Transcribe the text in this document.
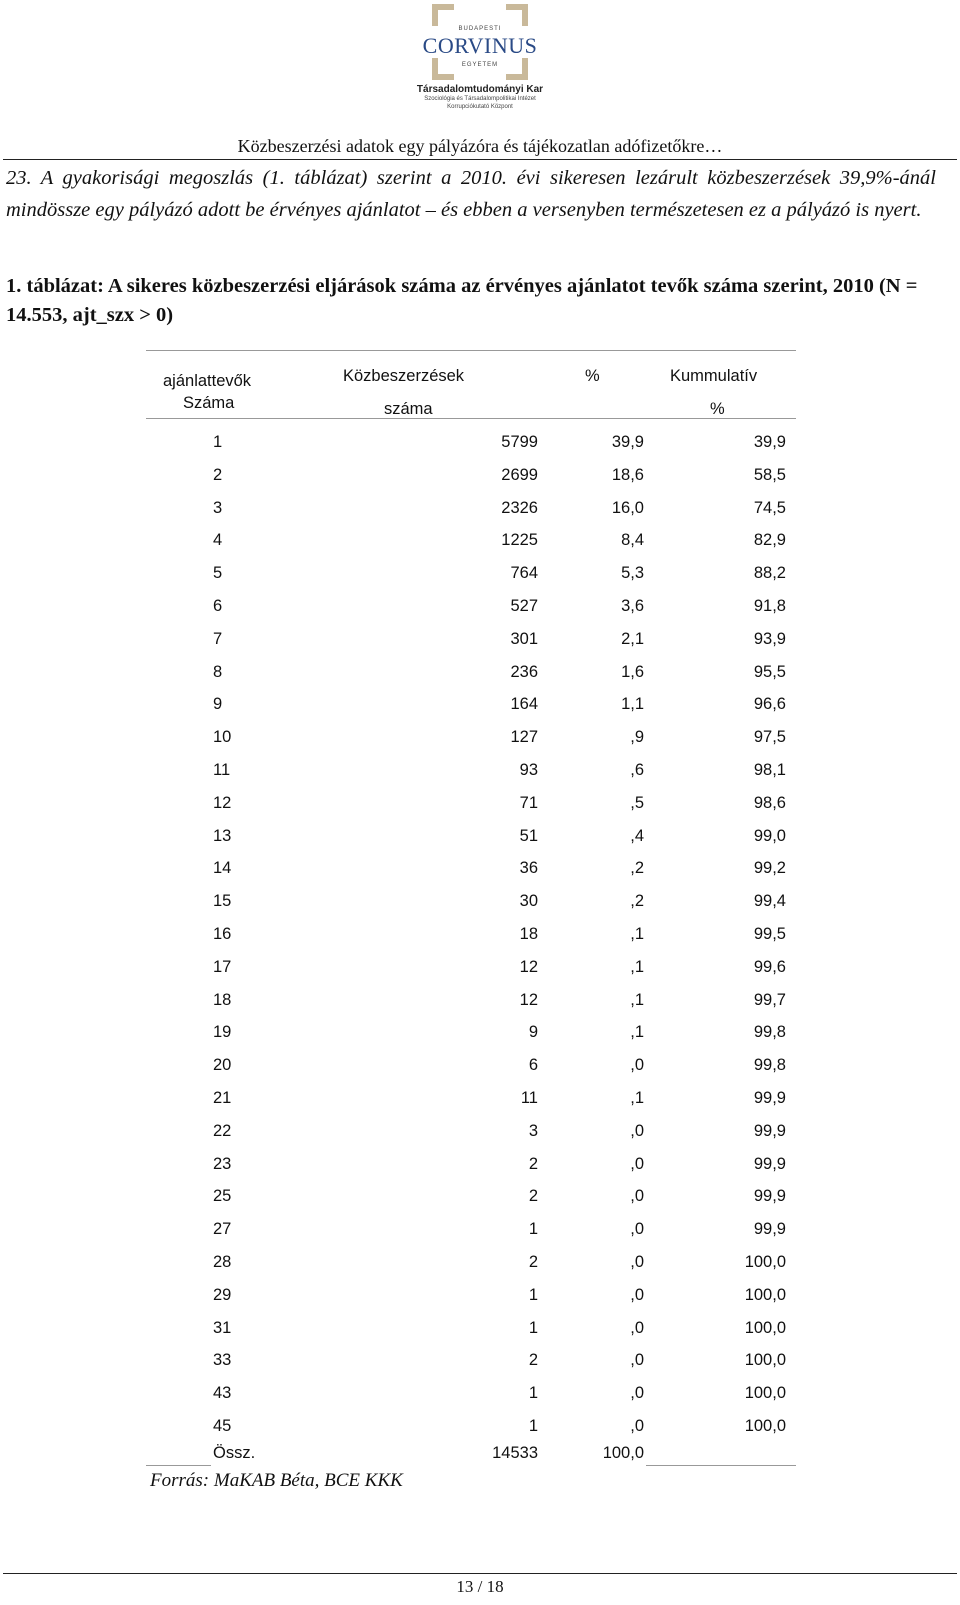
BUDAPESTI
CORVINUS
EGYETEM
Társadalomtudományi Kar
Szociológia és Társadalompolitikai Intézet
Korrupciókutató Központ
Közbeszerzési adatok egy pályázóra és tájékozatlan adófizetőkre…
23. A gyakorisági megoszlás (1. táblázat) szerint a 2010. évi sikeresen lezárult közbeszerzések 39,9%-ánál mindössze egy pályázó adott be érvényes ajánlatot – és ebben a versenyben természetesen ez a pályázó is nyert.
1. táblázat: A sikeres közbeszerzési eljárások száma az érvényes ajánlatot tevők száma szerint, 2010 (N = 14.553, ajt_szx > 0)
ajánlattevők
Száma
Közbeszerzések
száma
%	Kummulatív
%
1	5799	39,9	39,9
2	2699	18,6	58,5
3	2326	16,0	74,5
4	1225	8,4	82,9
5	764	5,3	88,2
6	527	3,6	91,8
7	301	2,1	93,9
8	236	1,6	95,5
9	164	1,1	96,6
10	127	,9	97,5
11	93	,6	98,1
12	71	,5	98,6
13	51	,4	99,0
14	36	,2	99,2
15	30	,2	99,4
16	18	,1	99,5
17	12	,1	99,6
18	12	,1	99,7
19	9	,1	99,8
20	6	,0	99,8
21	11	,1	99,9
22	3	,0	99,9
23	2	,0	99,9
25	2	,0	99,9
27	1	,0	99,9
28	2	,0	100,0
29	1	,0	100,0
31	1	,0	100,0
33	2	,0	100,0
43	1	,0	100,0
45	1	,0	100,0
Össz.	14533	100,0
Forrás: MaKAB Béta, BCE KKK
13 / 18
